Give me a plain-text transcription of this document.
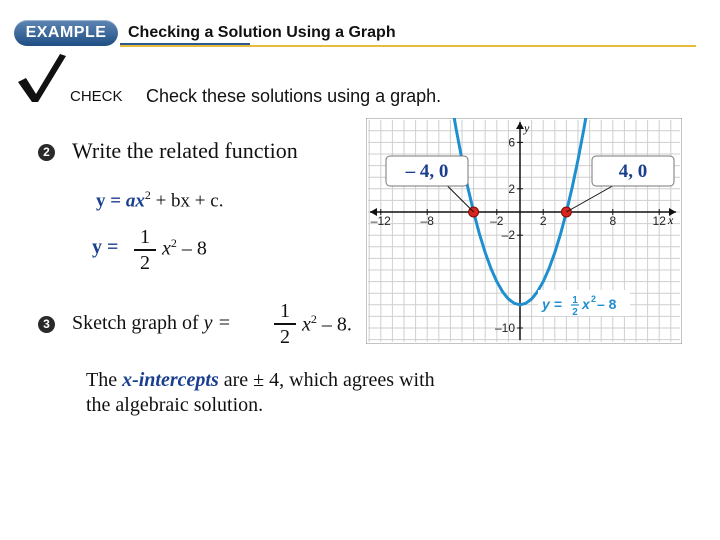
EXAMPLE	Checking a Solution Using a Graph
CHECK Check these solutions using a graph.
2 Write the related function
$y = ax^2$ + bx + c.
y =	1
2
$x^2 - 8$
3 Sketch graph of y =
1
2
$x^2 - 8$.
The x-intercepts are ± 4, which agrees with the algebraic solution.
x
y
–12 –8	–2	2	8	12
6
2
–2
–10
– 4, 0	4, 0
y = 1
2
x 2 – 8
